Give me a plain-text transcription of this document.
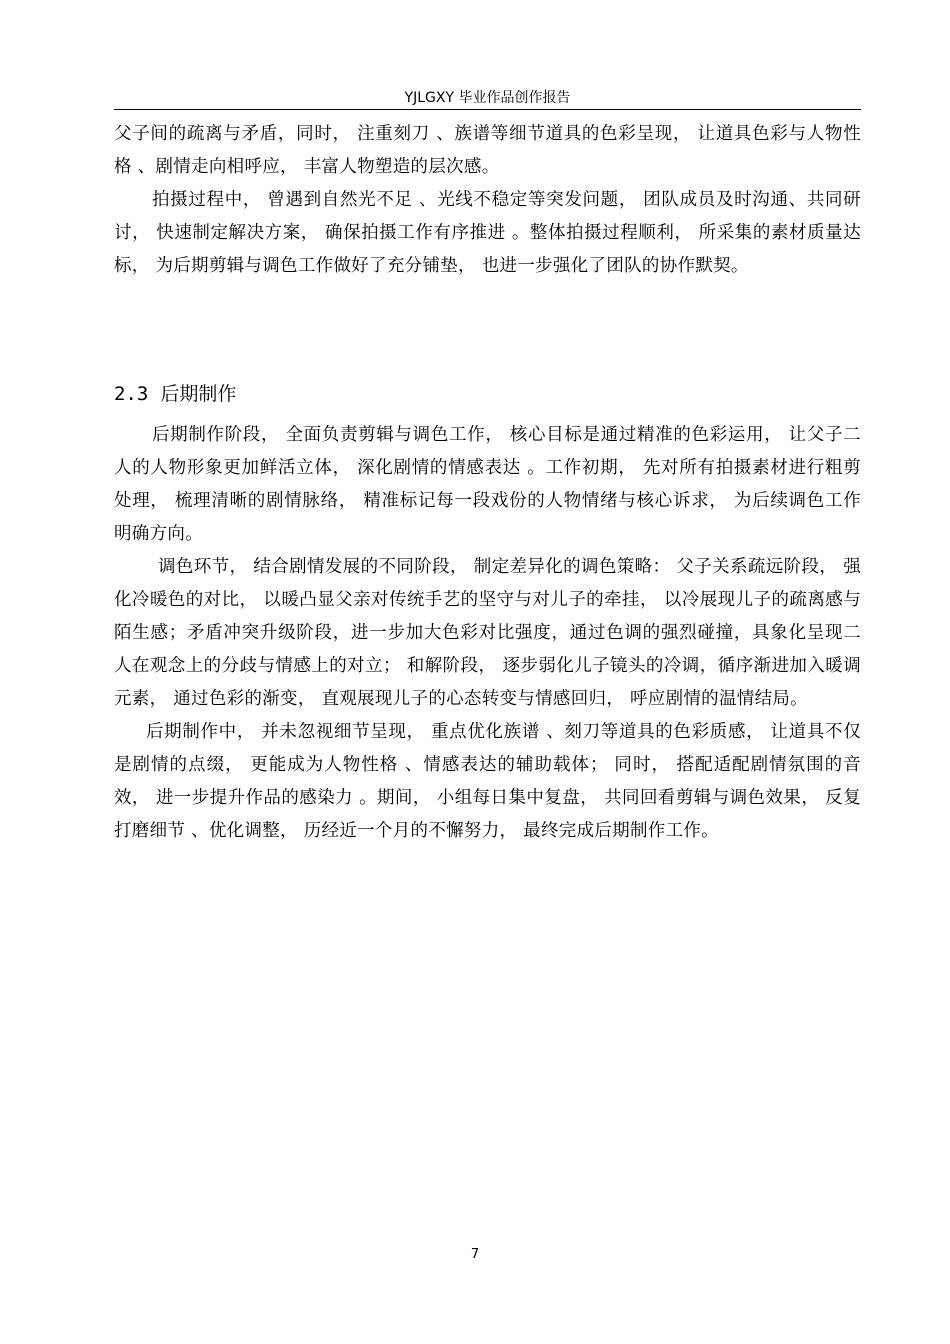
YJLGXY 毕业作品创作报告

父子间的疏离与矛盾，同时， 注重刻刀 、族谱等细节道具的色彩呈现， 让道具色彩与人物性格 、剧情走向相呼应， 丰富人物塑造的层次感。

拍摄过程中， 曾遇到自然光不足 、光线不稳定等突发问题， 团队成员及时沟通、共同研讨， 快速制定解决方案， 确保拍摄工作有序推进 。整体拍摄过程顺利， 所采集的素材质量达标， 为后期剪辑与调色工作做好了充分铺垫， 也进一步强化了团队的协作默契。

2.3 后期制作

后期制作阶段， 全面负责剪辑与调色工作， 核心目标是通过精准的色彩运用， 让父子二人的人物形象更加鲜活立体， 深化剧情的情感表达 。工作初期， 先对所有拍摄素材进行粗剪处理， 梳理清晰的剧情脉络， 精准标记每一段戏份的人物情绪与核心诉求， 为后续调色工作明确方向。

调色环节， 结合剧情发展的不同阶段， 制定差异化的调色策略： 父子关系疏远阶段， 强化冷暖色的对比， 以暖凸显父亲对传统手艺的坚守与对儿子的牵挂， 以冷展现儿子的疏离感与陌生感；矛盾冲突升级阶段，进一步加大色彩对比强度，通过色调的强烈碰撞，具象化呈现二人在观念上的分歧与情感上的对立； 和解阶段， 逐步弱化儿子镜头的冷调，循序渐进加入暖调元素， 通过色彩的渐变， 直观展现儿子的心态转变与情感回归， 呼应剧情的温情结局。

后期制作中， 并未忽视细节呈现， 重点优化族谱 、刻刀等道具的色彩质感， 让道具不仅是剧情的点缀， 更能成为人物性格 、情感表达的辅助载体； 同时， 搭配适配剧情氛围的音效， 进一步提升作品的感染力 。期间， 小组每日集中复盘， 共同回看剪辑与调色效果， 反复打磨细节 、优化调整， 历经近一个月的不懈努力， 最终完成后期制作工作。

7
